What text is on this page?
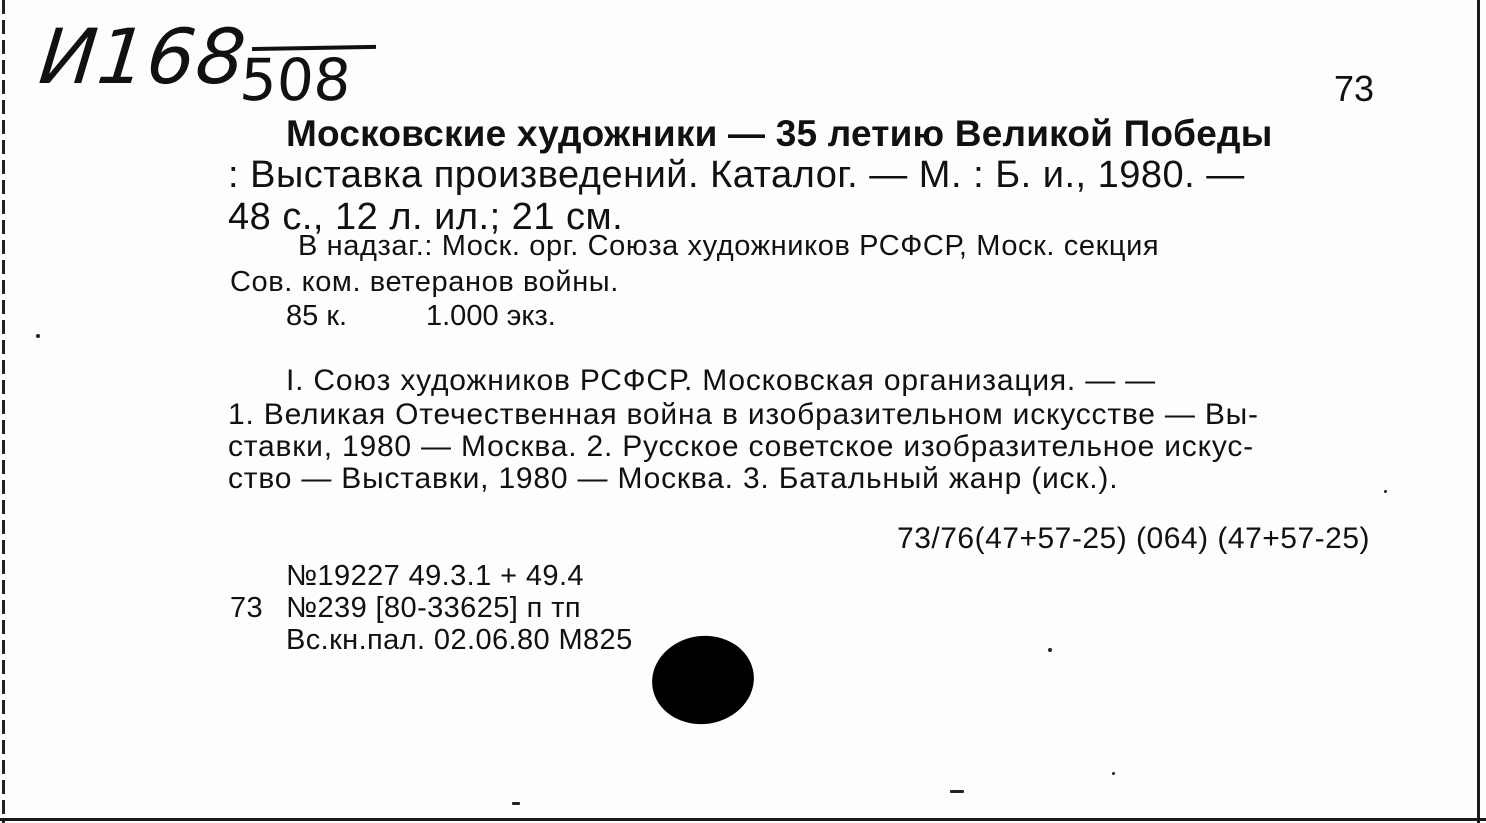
И168
508	73
Московские художники — 35 летию Великой Победы
: Выставка произведений. Каталог. — М. : Б. и., 1980. —
48 с., 12 л. ил.; 21 см.
В надзаг.: Моск. орг. Союза художников РСФСР, Моск. секция
Сов. ком. ветеранов войны.
85 к.	1.000 экз.
I. Союз художников РСФСР. Московская организация. — —
1. Великая Отечественная война в изобразительном искусстве — Вы-
ставки, 1980 — Москва. 2. Русское советское изобразительное искус-
ство — Выставки, 1980 — Москва. 3. Батальный жанр (иск.).
73/76(47+57-25) (064) (47+57-25)
№19227 49.3.1 + 49.4
73 №239 [80-33625] п тп
Вс.кн.пал. 02.06.80 М825
